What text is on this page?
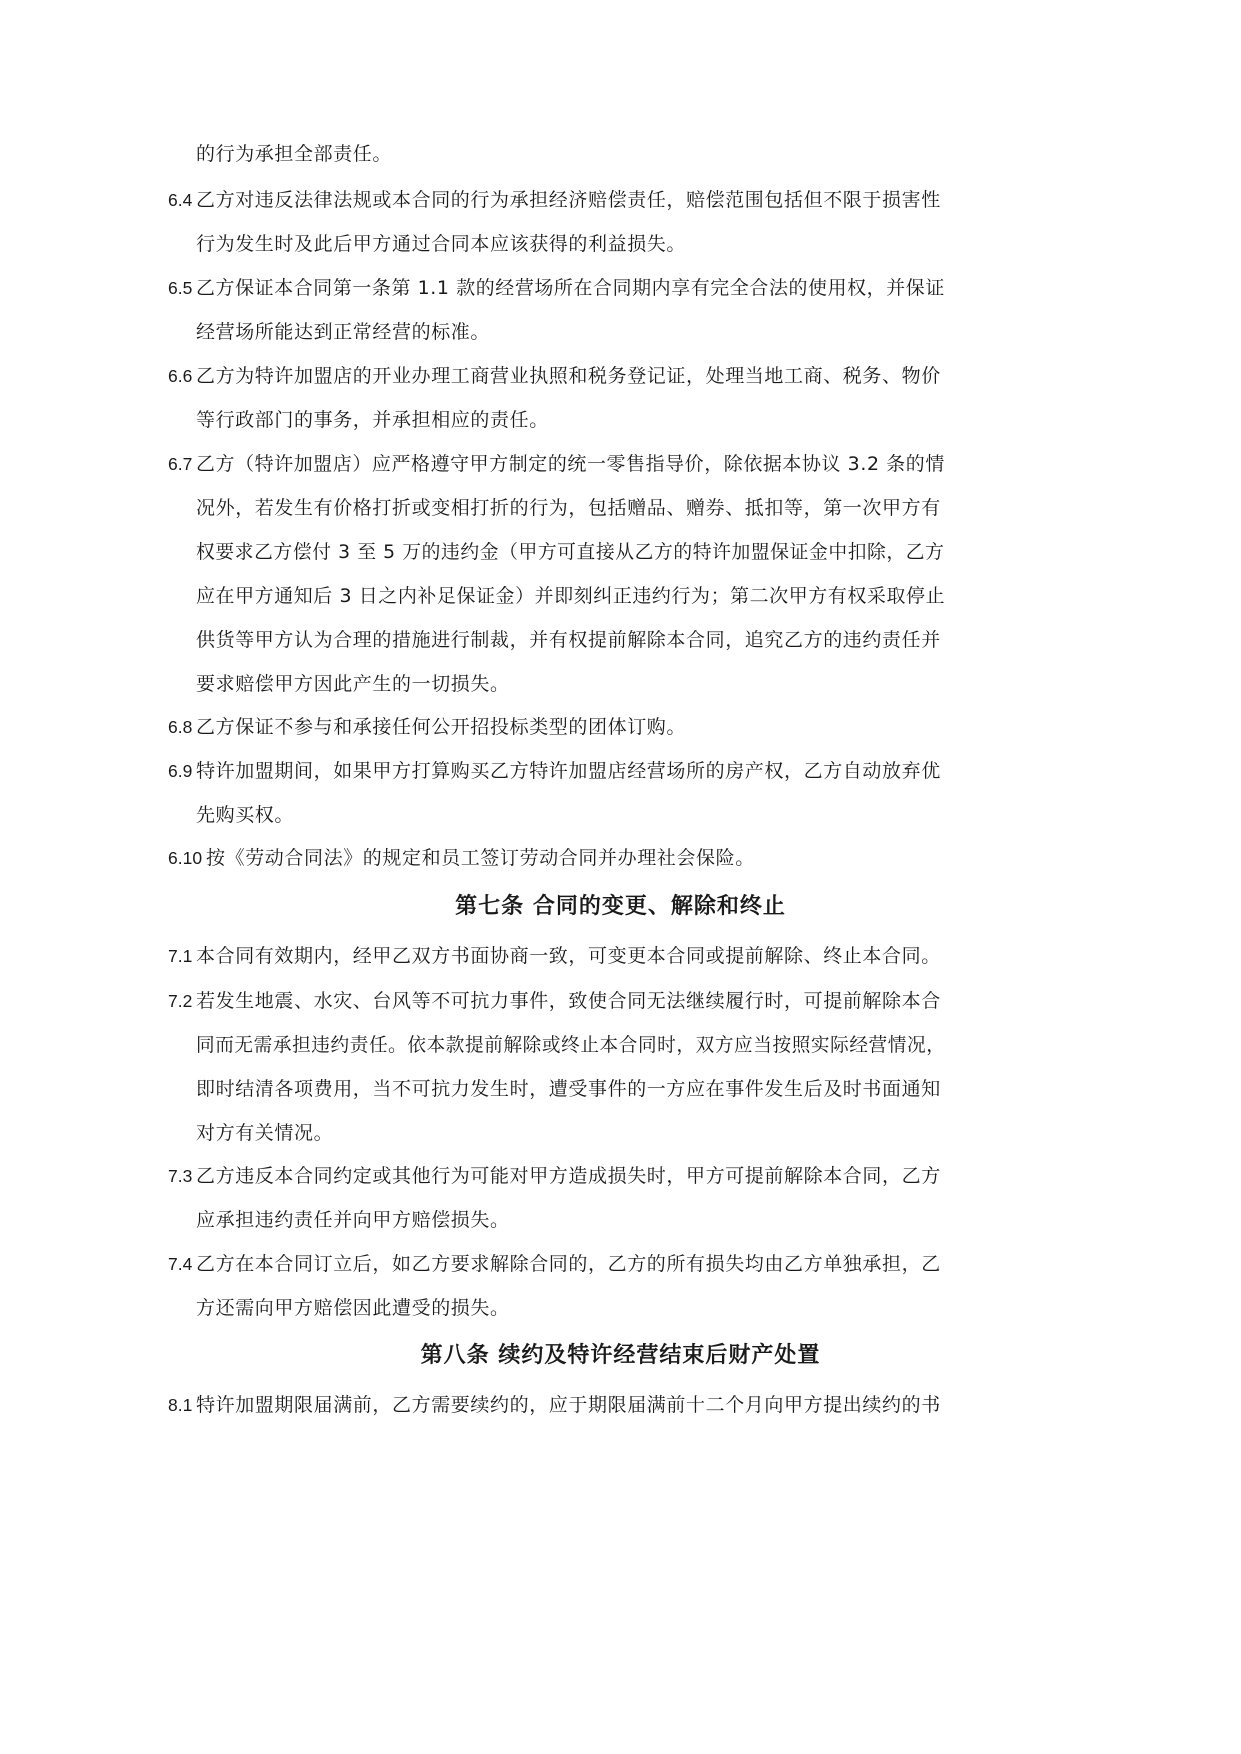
的行为承担全部责任。
6.4 乙方对违反法律法规或本合同的行为承担经济赔偿责任，赔偿范围包括但不限于损害性
行为发生时及此后甲方通过合同本应该获得的利益损失。
6.5 乙方保证本合同第一条第 1.1 款的经营场所在合同期内享有完全合法的使用权，并保证
经营场所能达到正常经营的标准。
6.6 乙方为特许加盟店的开业办理工商营业执照和税务登记证，处理当地工商、税务、物价
等行政部门的事务，并承担相应的责任。
6.7 乙方（特许加盟店）应严格遵守甲方制定的统一零售指导价，除依据本协议 3.2 条的情
况外，若发生有价格打折或变相打折的行为，包括赠品、赠券、抵扣等，第一次甲方有
权要求乙方偿付 3 至 5 万的违约金（甲方可直接从乙方的特许加盟保证金中扣除，乙方
应在甲方通知后 3 日之内补足保证金）并即刻纠正违约行为；第二次甲方有权采取停止
供货等甲方认为合理的措施进行制裁，并有权提前解除本合同，追究乙方的违约责任并
要求赔偿甲方因此产生的一切损失。
6.8 乙方保证不参与和承接任何公开招投标类型的团体订购。
6.9 特许加盟期间，如果甲方打算购买乙方特许加盟店经营场所的房产权，乙方自动放弃优
先购买权。
6.10 按《劳动合同法》的规定和员工签订劳动合同并办理社会保险。
第七条 合同的变更、解除和终止
7.1 本合同有效期内，经甲乙双方书面协商一致，可变更本合同或提前解除、终止本合同。
7.2 若发生地震、水灾、台风等不可抗力事件，致使合同无法继续履行时，可提前解除本合
同而无需承担违约责任。依本款提前解除或终止本合同时，双方应当按照实际经营情况，
即时结清各项费用，当不可抗力发生时，遭受事件的一方应在事件发生后及时书面通知
对方有关情况。
7.3 乙方违反本合同约定或其他行为可能对甲方造成损失时，甲方可提前解除本合同，乙方
应承担违约责任并向甲方赔偿损失。
7.4 乙方在本合同订立后，如乙方要求解除合同的，乙方的所有损失均由乙方单独承担，乙
方还需向甲方赔偿因此遭受的损失。
第八条 续约及特许经营结束后财产处置
8.1 特许加盟期限届满前，乙方需要续约的，应于期限届满前十二个月向甲方提出续约的书
